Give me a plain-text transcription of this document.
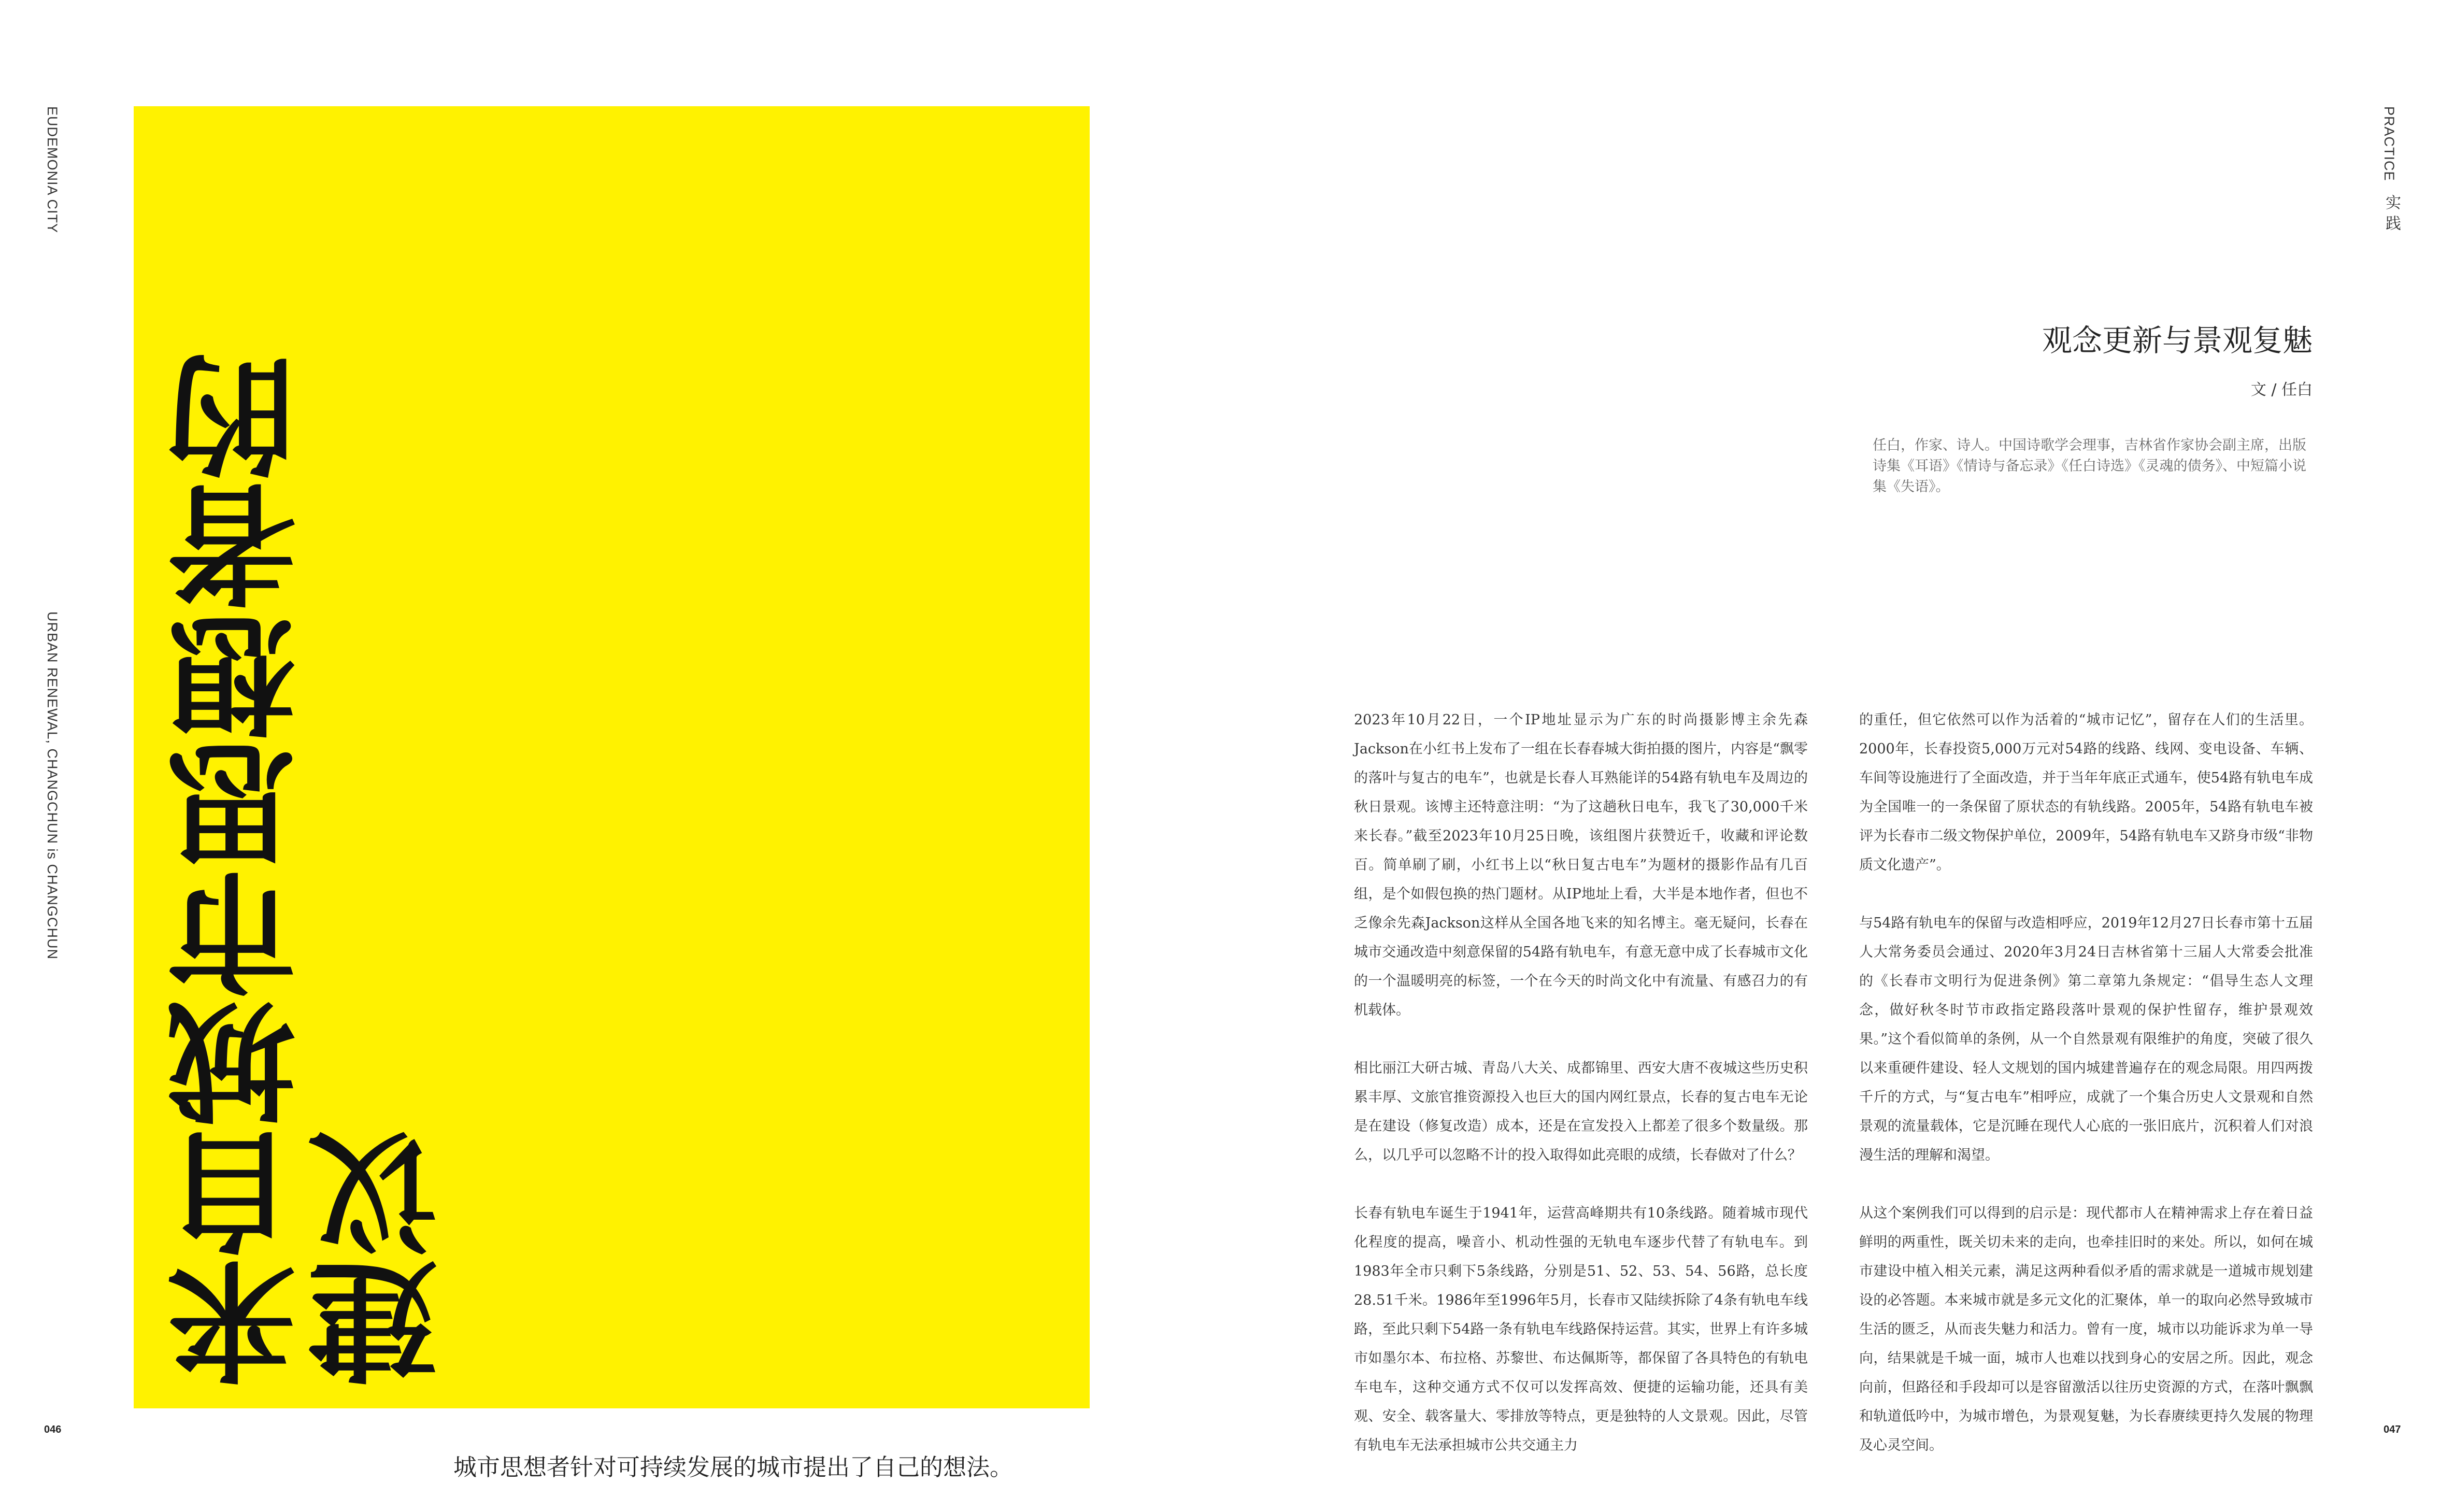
EUDEMONIA CITY
URBAN RENEWAL, CHANGCHUN is CHANGCHUN
PRACTICE
实践
来自城市思想者的
建议
城市思想者针对可持续发展的城市提出了自己的想法。
观念更新与景观复魅
文 / 任白
任白，作家、诗人。中国诗歌学会理事，吉林省作家协会副主席，出版诗集《耳语》《情诗与备忘录》《任白诗选》《灵魂的债务》、中短篇小说集《失语》。

2023年10月22日，一个IP地址显示为广东的时尚摄影博主余先森Jackson在小红书上发布了一组在长春春城大街拍摄的图片，内容是“飘零的落叶与复古的电车”，也就是长春人耳熟能详的54路有轨电车及周边的秋日景观。该博主还特意注明：“为了这趟秋日电车，我飞了30,000千米来长春。”截至2023年10月25日晚，该组图片获赞近千，收藏和评论数百。简单刷了刷，小红书上以“秋日复古电车”为题材的摄影作品有几百组，是个如假包换的热门题材。从IP地址上看，大半是本地作者，但也不乏像余先森Jackson这样从全国各地飞来的知名博主。毫无疑问，长春在城市交通改造中刻意保留的54路有轨电车，有意无意中成了长春城市文化的一个温暖明亮的标签，一个在今天的时尚文化中有流量、有感召力的有机载体。

相比丽江大研古城、青岛八大关、成都锦里、西安大唐不夜城这些历史积累丰厚、文旅官推资源投入也巨大的国内网红景点，长春的复古电车无论是在建设（修复改造）成本，还是在宣发投入上都差了很多个数量级。那么，以几乎可以忽略不计的投入取得如此亮眼的成绩，长春做对了什么？

长春有轨电车诞生于1941年，运营高峰期共有10条线路。随着城市现代化程度的提高，噪音小、机动性强的无轨电车逐步代替了有轨电车。到1983年全市只剩下5条线路，分别是51、52、53、54、56路，总长度28.51千米。1986年至1996年5月，长春市又陆续拆除了4条有轨电车线路，至此只剩下54路一条有轨电车线路保持运营。其实，世界上有许多城市如墨尔本、布拉格、苏黎世、布达佩斯等，都保留了各具特色的有轨电车电车，这种交通方式不仅可以发挥高效、便捷的运输功能，还具有美观、安全、载客量大、零排放等特点，更是独特的人文景观。因此，尽管有轨电车无法承担城市公共交通主力

的重任，但它依然可以作为活着的“城市记忆”，留存在人们的生活里。2000年，长春投资5,000万元对54路的线路、线网、变电设备、车辆、车间等设施进行了全面改造，并于当年年底正式通车，使54路有轨电车成为全国唯一的一条保留了原状态的有轨线路。2005年，54路有轨电车被评为长春市二级文物保护单位，2009年，54路有轨电车又跻身市级“非物质文化遗产”。

与54路有轨电车的保留与改造相呼应，2019年12月27日长春市第十五届人大常务委员会通过、2020年3月24日吉林省第十三届人大常委会批准的《长春市文明行为促进条例》第二章第九条规定：“倡导生态人文理念，做好秋冬时节市政指定路段落叶景观的保护性留存，维护景观效果。”这个看似简单的条例，从一个自然景观有限维护的角度，突破了很久以来重硬件建设、轻人文规划的国内城建普遍存在的观念局限。用四两拨千斤的方式，与“复古电车”相呼应，成就了一个集合历史人文景观和自然景观的流量载体，它是沉睡在现代人心底的一张旧底片，沉积着人们对浪漫生活的理解和渴望。

从这个案例我们可以得到的启示是：现代都市人在精神需求上存在着日益鲜明的两重性，既关切未来的走向，也牵挂旧时的来处。所以，如何在城市建设中植入相关元素，满足这两种看似矛盾的需求就是一道城市规划建设的必答题。本来城市就是多元文化的汇聚体，单一的取向必然导致城市生活的匮乏，从而丧失魅力和活力。曾有一度，城市以功能诉求为单一导向，结果就是千城一面，城市人也难以找到身心的安居之所。因此，观念向前，但路径和手段却可以是容留激活以往历史资源的方式，在落叶飘飘和轨道低吟中，为城市增色，为景观复魅，为长春赓续更持久发展的物理及心灵空间。

046	047
